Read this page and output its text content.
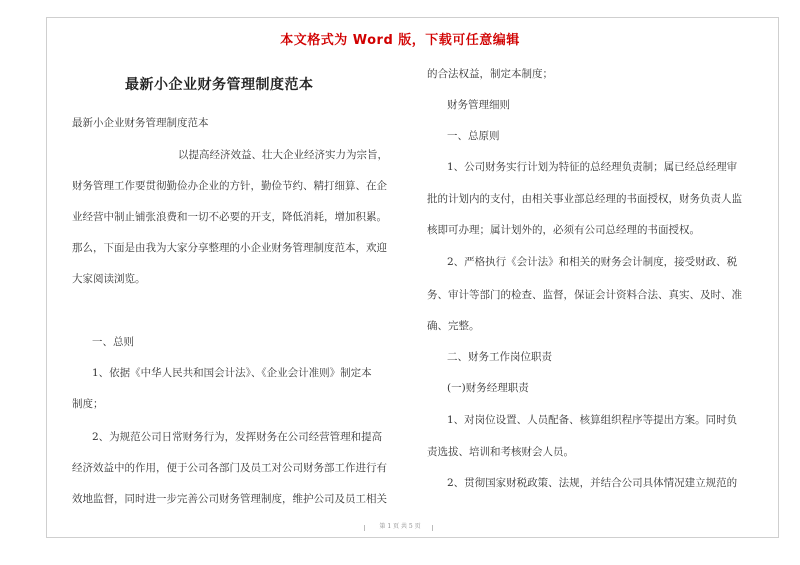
本文格式为 Word 版，下载可任意编辑
最新小企业财务管理制度范本
最新小企业财务管理制度范本
以提高经济效益、壮大企业经济实力为宗旨，
财务管理工作要贯彻勤俭办企业的方针，勤俭节约、精打细算、在企
业经营中制止铺张浪费和一切不必要的开支，降低消耗，增加积累。
那么，下面是由我为大家分享整理的小企业财务管理制度范本，欢迎
大家阅读浏览。
一、总则
1、依据《中华人民共和国会计法》、《企业会计准则》制定本
制度；
2、为规范公司日常财务行为，发挥财务在公司经营管理和提高
经济效益中的作用，便于公司各部门及员工对公司财务部工作进行有
效地监督，同时进一步完善公司财务管理制度，维护公司及员工相关
的合法权益，制定本制度；
财务管理细则
一、总原则
1、公司财务实行计划为特征的总经理负责制；属已经总经理审
批的计划内的支付，由相关事业部总经理的书面授权，财务负责人监
核即可办理；属计划外的，必须有公司总经理的书面授权。
2、严格执行《会计法》和相关的财务会计制度，接受财政、税
务、审计等部门的检查、监督，保证会计资料合法、真实、及时、准
确、完整。
二、财务工作岗位职责
(一)财务经理职责
1、对岗位设置、人员配备、核算组织程序等提出方案。同时负
责选拔、培训和考核财会人员。
2、贯彻国家财税政策、法规，并结合公司具体情况建立规范的
第 1 页 共 5 页
